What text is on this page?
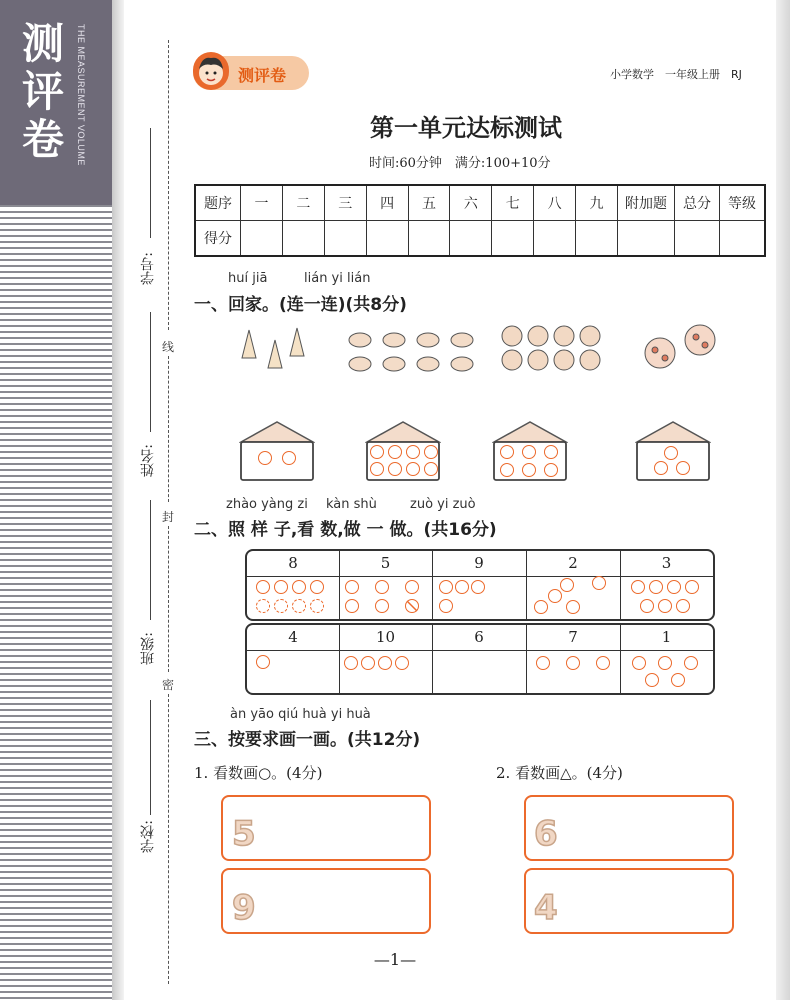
测
评
卷	THE MEASUREMENT VOLUME
学号:
姓名:
班级:
学校:
线
封
密
测评卷	小学数学　一年级上册　RJ
第一单元达标测试
时间:60分钟　满分:100+10分
题序	一	二	三	四	五	六	七	八	九	附加题	总分	等级
得分												
huí jiā	lián yi lián
一、回家。(连一连)(共8分)
zhào yàng zi kàn shù	zuò yi zuò
二、照 样 子,看 数,做 一 做。(共16分)
8	5	9	2	3
4	10	6	7	1
àn yāo qiú huà yi huà
三、按要求画一画。(共12分)
1. 看数画○。(4分)	2. 看数画△。(4分)
5
9
6
4
—1—
